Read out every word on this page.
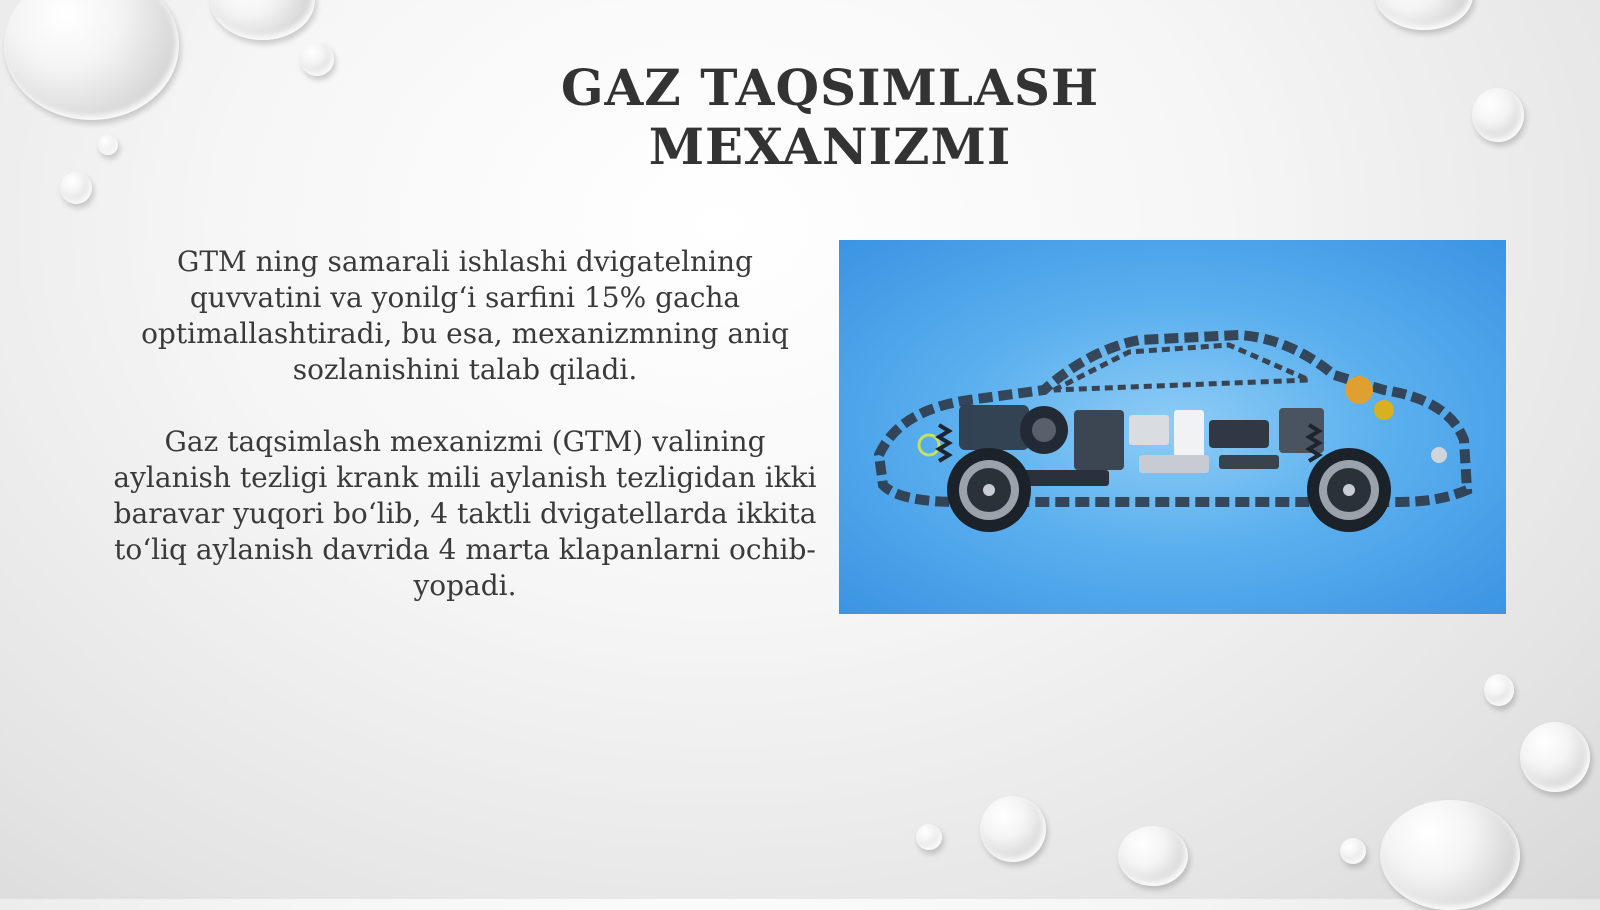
GAZ TAQSIMLASH MEXANIZMI

GTM ning samarali ishlashi dvigatelning quvvatini va yonilg‘i sarfini 15% gacha optimallashtiradi, bu esa, mexanizmning aniq sozlanishini talab qiladi.

Gaz taqsimlash mexanizmi (GTM) valining aylanish tezligi krank mili aylanish tezligidan ikki baravar yuqori bo‘lib, 4 taktli dvigatellarda ikkita to‘liq aylanish davrida 4 marta klapanlarni ochib-yopadi.
